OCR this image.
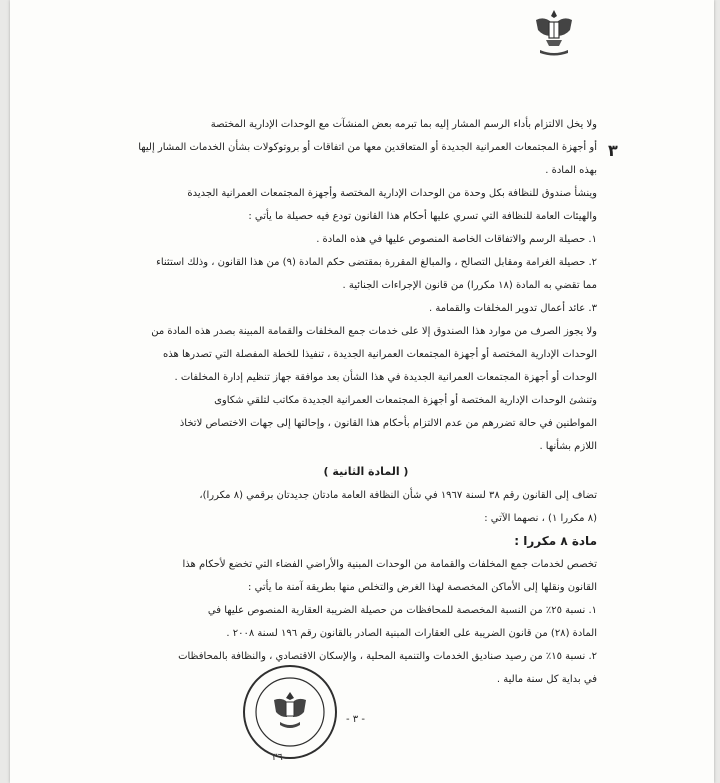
٣
ولا يخل الالتزام بأداء الرسم المشار إليه بما تبرمه بعض المنشآت مع الوحدات الإدارية المختصة
أو أجهزة المجتمعات العمرانية الجديدة أو المتعاقدين معها من اتفاقات أو بروتوكولات بشأن الخدمات المشار إليها
بهذه المادة .
وينشأ صندوق للنظافة بكل وحدة من الوحدات الإدارية المختصة وأجهزة المجتمعات العمرانية الجديدة
والهيئات العامة للنظافة التي تسري عليها أحكام هذا القانون تودع فيه حصيلة ما يأتي :
١. حصيلة الرسم والاتفاقات الخاصة المنصوص عليها في هذه المادة .
٢. حصيلة الغرامة ومقابل التصالح ، والمبالغ المقررة بمقتضى حكم المادة (٩) من هذا القانون ، وذلك استثناء
مما تقضي به المادة (١٨ مكررا) من قانون الإجراءات الجنائية .
٣. عائد أعمال تدوير المخلفات والقمامة .
ولا يجوز الصرف من موارد هذا الصندوق إلا على خدمات جمع المخلفات والقمامة المبينة بصدر هذه المادة من
الوحدات الإدارية المختصة أو أجهزة المجتمعات العمرانية الجديدة ، تنفيذا للخطة المفصلة التي تصدرها هذه
الوحدات أو أجهزة المجتمعات العمرانية الجديدة في هذا الشأن بعد موافقة جهاز تنظيم إدارة المخلفات .
وتنشئ الوحدات الإدارية المختصة أو أجهزة المجتمعات العمرانية الجديدة مكاتب لتلقي شكاوى
المواطنين في حالة تضررهم من عدم الالتزام بأحكام هذا القانون ، وإحالتها إلى جهات الاختصاص لاتخاذ
اللازم بشأنها .
( المادة الثانية )
تضاف إلى القانون رقم ٣٨ لسنة ١٩٦٧ في شأن النظافة العامة مادتان جديدتان برقمي (٨ مكررا)،
(٨ مكررا ١) ، نصهما الآتي :
مادة ٨ مكررا :
تخصص لخدمات جمع المخلفات والقمامة من الوحدات المبنية والأراضي الفضاء التي تخضع لأحكام هذا
القانون ونقلها إلى الأماكن المخصصة لهذا الغرض والتخلص منها بطريقة آمنة ما يأتي :
١. نسبة ٢٥٪ من النسبة المخصصة للمحافظات من حصيلة الضريبة العقارية المنصوص عليها في
المادة (٢٨) من قانون الضريبة على العقارات المبنية الصادر بالقانون رقم ١٩٦ لسنة ٢٠٠٨ .
٢. نسبة ١٥٪ من رصيد صناديق الخدمات والتنمية المحلية ، والإسكان الاقتصادي ، والنظافة بالمحافظات
في بداية كل سنة مالية .
٣٦
- ٣ -
